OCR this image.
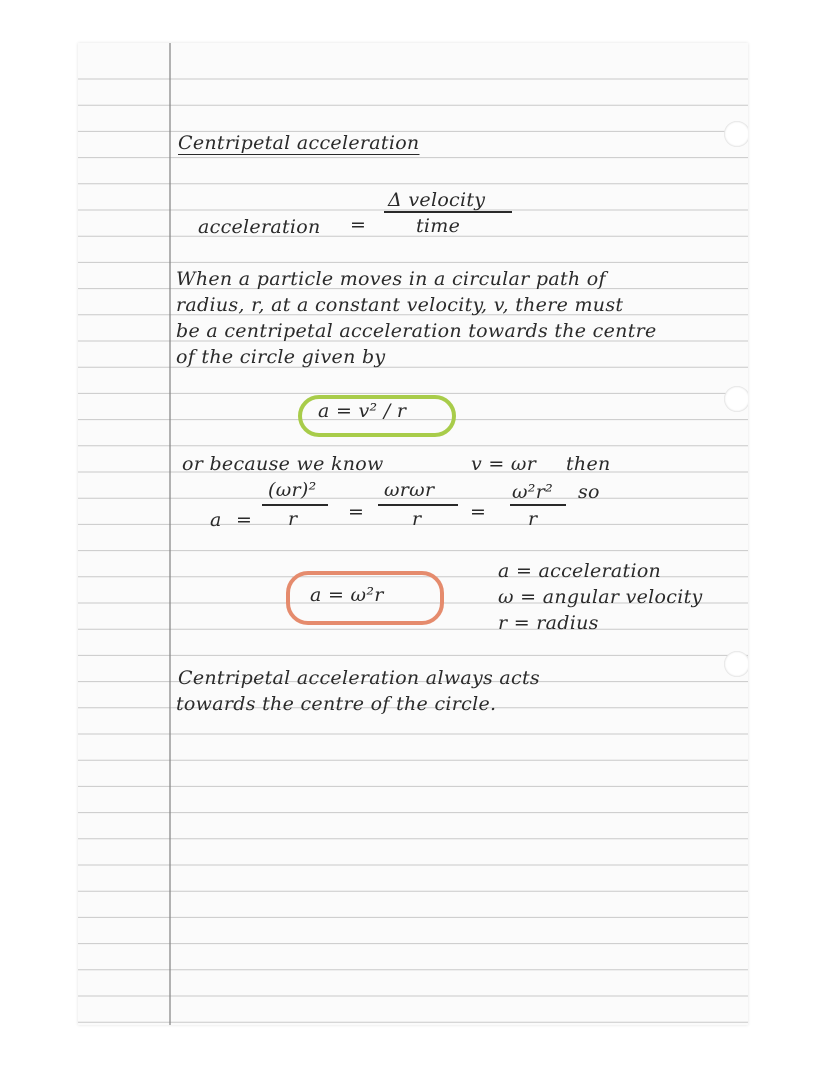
Centripetal acceleration
acceleration =
Δ velocity
time
When a particle moves in a circular path of
radius, r, at a constant velocity, v, there must
be a centripetal acceleration towards the centre
of the circle given by
a = v² / r
or because we know	v = ωr then
a =
(ωr)²
r	=
ωrωr
r	=
ω²r²
r
so
a = ω²r
a = acceleration
ω = angular velocity
r = radius
Centripetal acceleration always acts
towards the centre of the circle.
